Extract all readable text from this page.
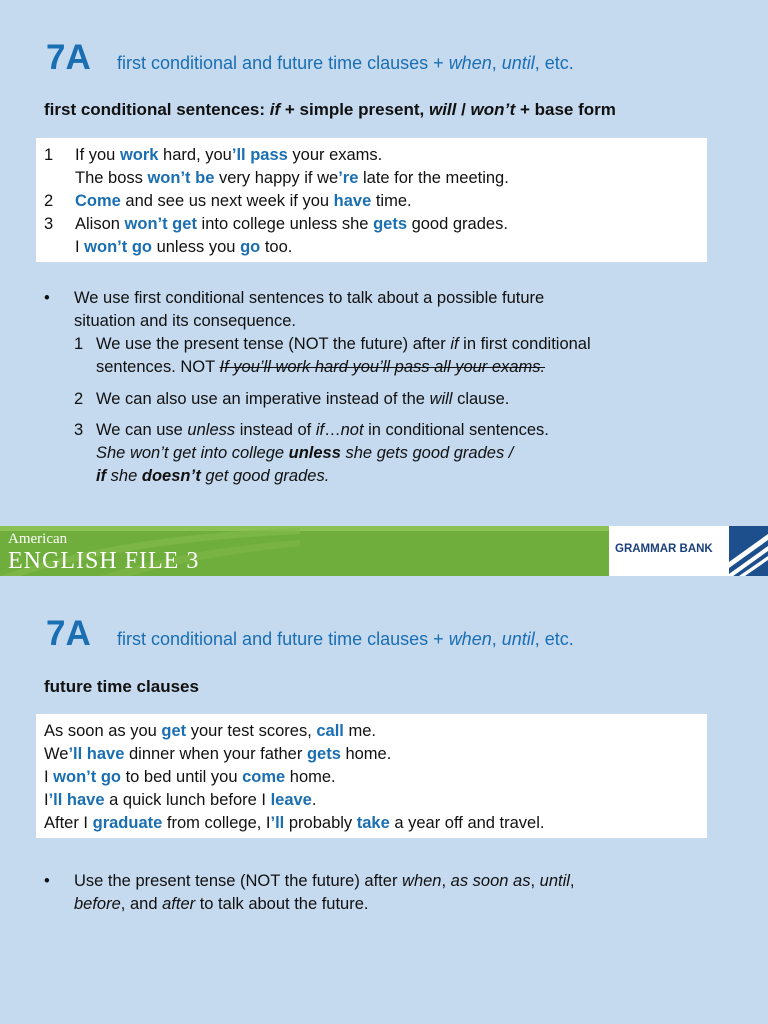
7A first conditional and future time clauses + when, until, etc.
first conditional sentences: if + simple present, will / won’t + base form
1 If you work hard, you’ll pass your exams.
The boss won’t be very happy if we’re late for the meeting.
2 Come and see us next week if you have time.
3 Alison won’t get into college unless she gets good grades.
I won’t go unless you go too.
• We use first conditional sentences to talk about a possible future
situation and its consequence.
1 We use the present tense (NOT the future) after if in first conditional
sentences. NOT If you’ll work hard you’ll pass all your exams.
2 We can also use an imperative instead of the will clause.
3 We can use unless instead of if…not in conditional sentences.
She won’t get into college unless she gets good grades /
if she doesn’t get good grades.
American
ENGLISH FILE 3	GRAMMAR BANK
7A first conditional and future time clauses + when, until, etc.
future time clauses
As soon as you get your test scores, call me.
We’ll have dinner when your father gets home.
I won’t go to bed until you come home.
I’ll have a quick lunch before I leave.
After I graduate from college, I’ll probably take a year off and travel.
• Use the present tense (NOT the future) after when, as soon as, until,
before, and after to talk about the future.
